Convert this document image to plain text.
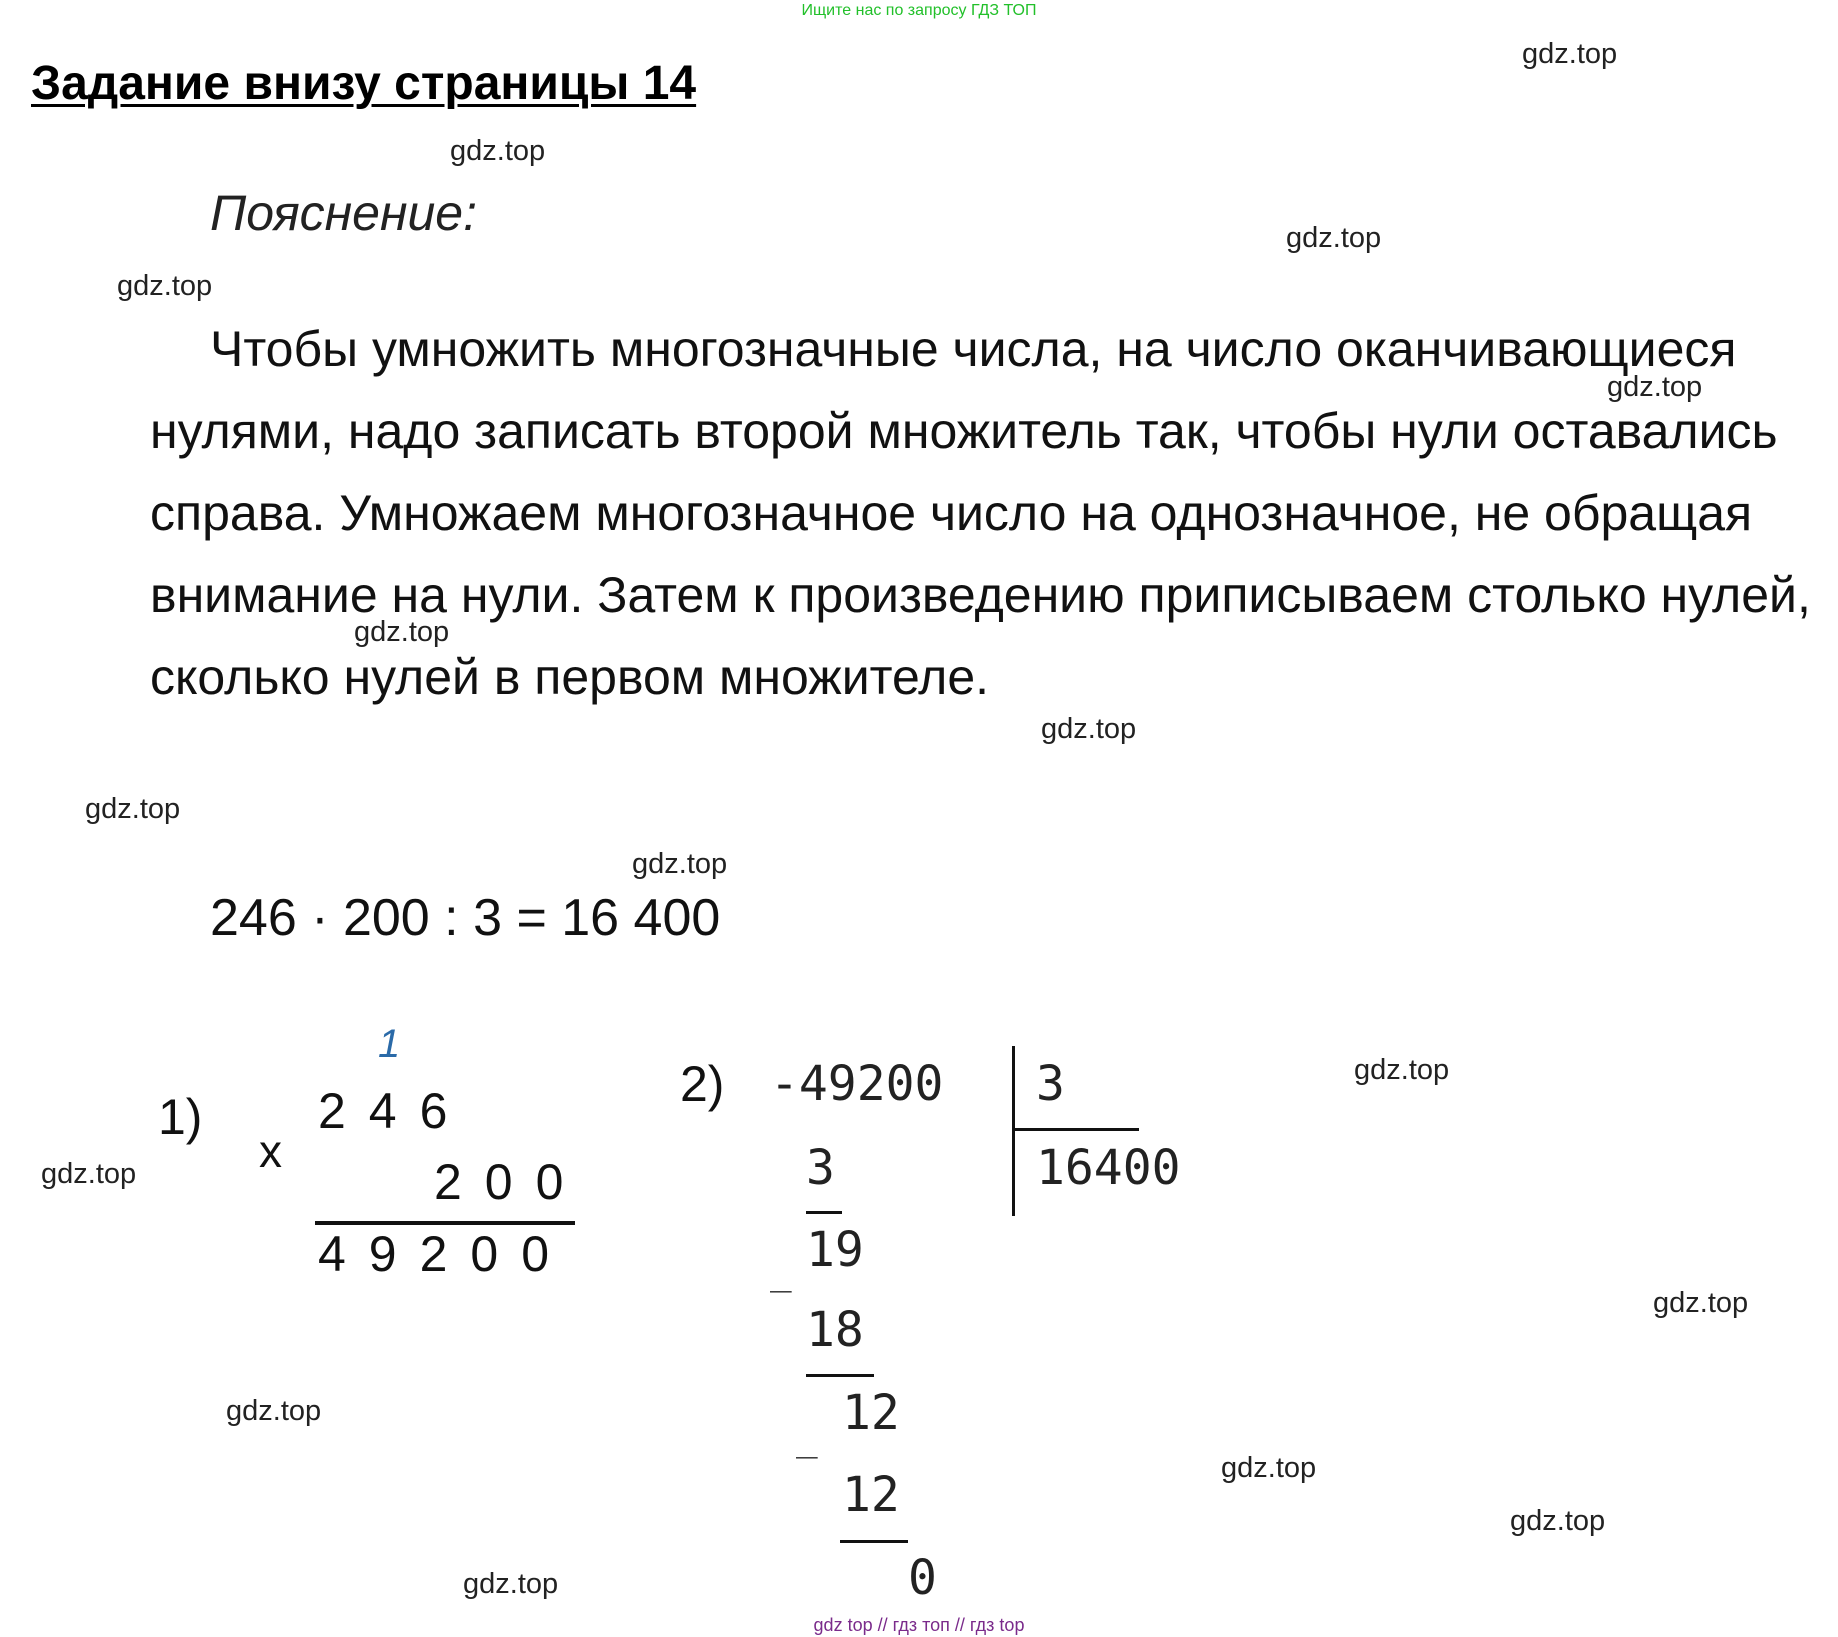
Ищите нас по запросу ГДЗ ТОП
Задание внизу страницы 14
Пояснение:
Чтобы умножить многозначные числа, на число оканчивающиеся нулями, надо записать второй множитель так, чтобы нули оставались справа. Умножаем многозначное число на однозначное, не обращая внимание на нули. Затем к произведению приписываем столько нулей, сколько нулей в первом множителе.
246 · 200 : 3 = 16 400
1)
1
x
246
200
49200
2) -49200 3
16400
3
19
_
18
12
_
12
0
gdz.top
gdz.top
gdz.top
gdz.top
gdz.top
gdz.top
gdz.top
gdz.top
gdz.top
gdz.top
gdz.top
gdz.top
gdz.top
gdz.top
gdz.top
gdz.top
gdz top // гдз топ // гдз top
